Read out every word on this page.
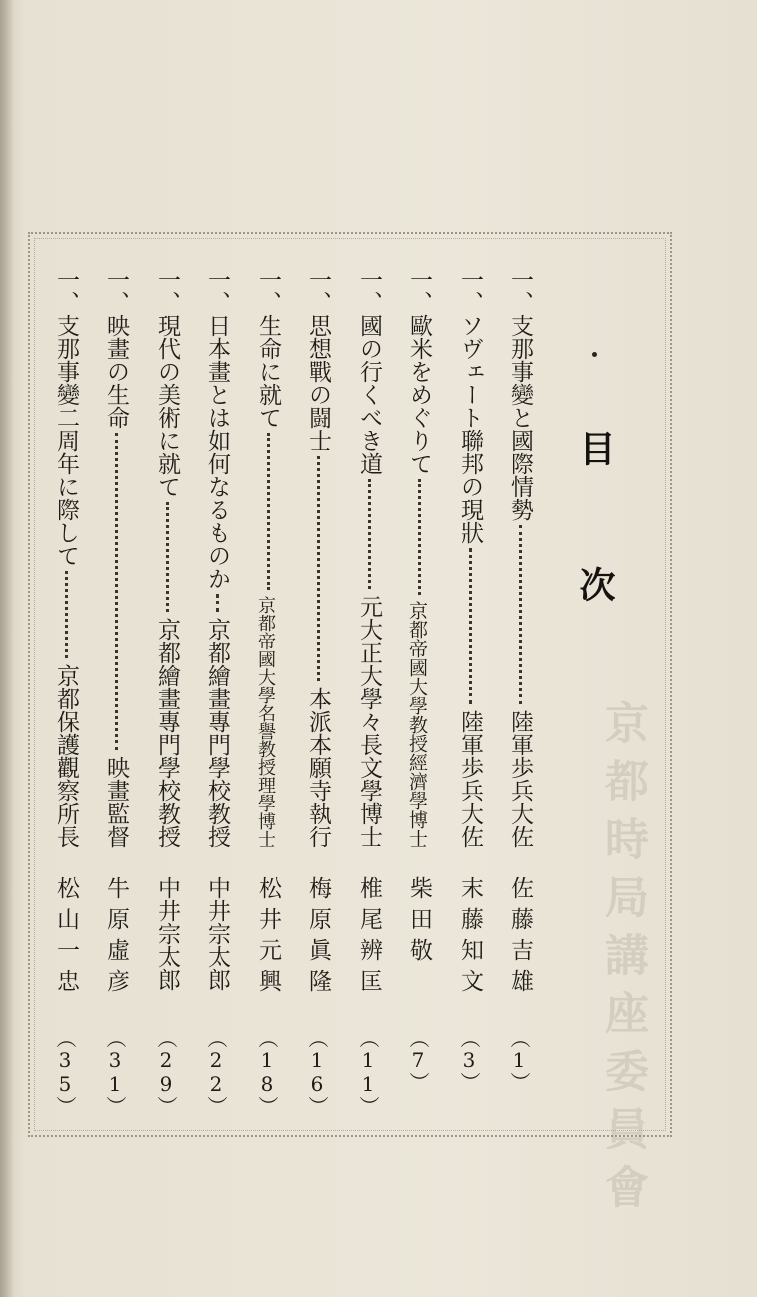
京都時局講座委員會
目次
一、支那事變と國際情勢
陸軍歩兵大佐
佐藤吉雄
（1）
一、ソヴェート聯邦の現狀
陸軍歩兵大佐
末藤知文
（3）
一、歐米をめぐりて
京都帝國大學教授經濟學博士
柴田敬
（7）
一、國の行くべき道
元大正大學々長文學博士
椎尾辨匡
（11）
一、思想戰の闘士
本派本願寺執行
梅原眞隆
（16）
一、生命に就て
京都帝國大學名譽教授理學博士
松井元興
（18）
一、日本畫とは如何なるものか
京都繪畫專門學校教授
中井宗太郎
（22）
一、現代の美術に就て
京都繪畫專門學校教授
中井宗太郎
（29）
一、映畫の生命
映畫監督
牛原虛彦
（31）
一、支那事變二周年に際して
京都保護觀察所長
松山一忠
（35）
